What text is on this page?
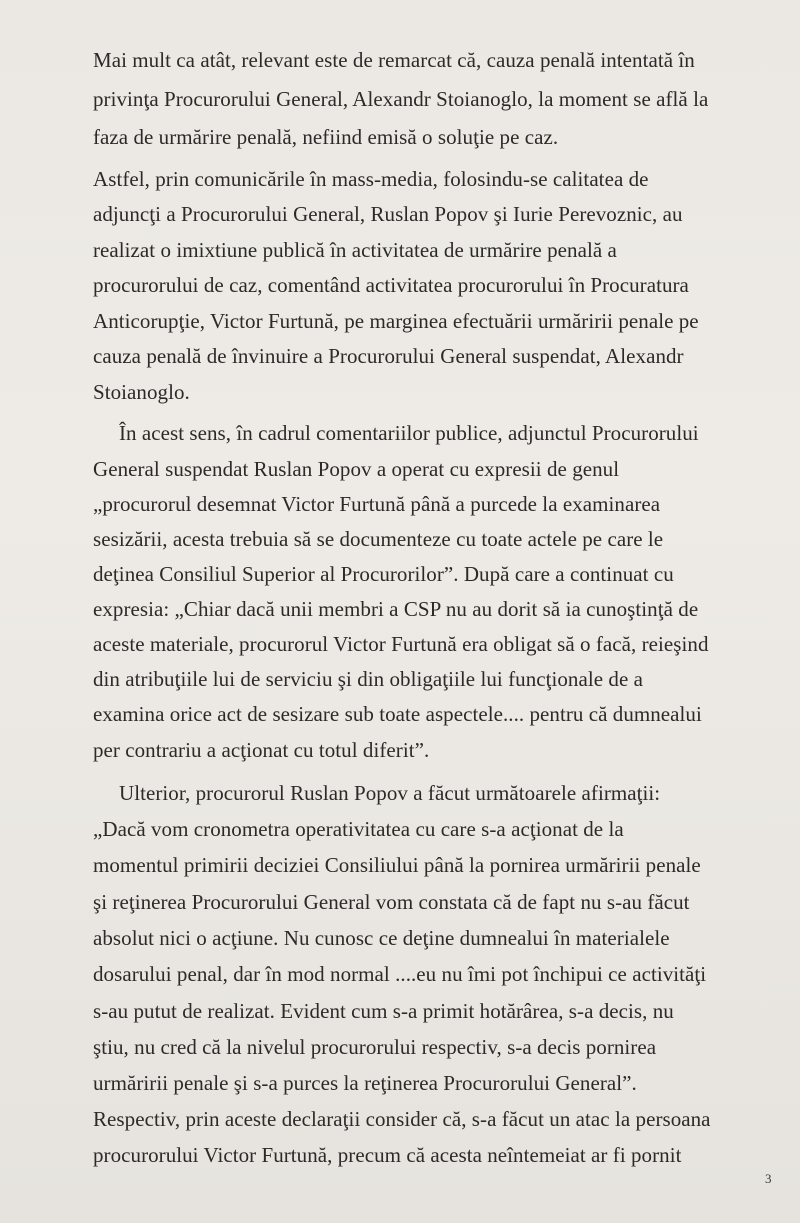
Mai mult ca atât, relevant este de remarcat că, cauza penală intentată în
privinţa Procurorului General, Alexandr Stoianoglo, la moment se află la
faza de urmărire penală, nefiind emisă o soluţie pe caz.
Astfel, prin comunicările în mass-media, folosindu-se calitatea de
adjuncţi a Procurorului General, Ruslan Popov şi Iurie Perevoznic, au
realizat o imixtiune publică în activitatea de urmărire penală a
procurorului de caz, comentând activitatea procurorului în Procuratura
Anticorupţie, Victor Furtună, pe marginea efectuării urmăririi penale pe
cauza penală de învinuire a Procurorului General suspendat, Alexandr
Stoianoglo.
În acest sens, în cadrul comentariilor publice, adjunctul Procurorului
General suspendat Ruslan Popov a operat cu expresii de genul
„procurorul desemnat Victor Furtună până a purcede la examinarea
sesizării, acesta trebuia să se documenteze cu toate actele pe care le
deţinea Consiliul Superior al Procurorilor”. După care a continuat cu
expresia: „Chiar dacă unii membri a CSP nu au dorit să ia cunoştinţă de
aceste materiale, procurorul Victor Furtună era obligat să o facă, reieşind
din atribuţiile lui de serviciu şi din obligaţiile lui funcţionale de a
examina orice act de sesizare sub toate aspectele.... pentru că dumnealui
per contrariu a acţionat cu totul diferit”.
Ulterior, procurorul Ruslan Popov a făcut următoarele afirmaţii:
„Dacă vom cronometra operativitatea cu care s-a acţionat de la
momentul primirii deciziei Consiliului până la pornirea urmăririi penale
şi reţinerea Procurorului General vom constata că de fapt nu s-au făcut
absolut nici o acţiune. Nu cunosc ce deţine dumnealui în materialele
dosarului penal, dar în mod normal ....eu nu îmi pot închipui ce activităţi
s-au putut de realizat. Evident cum s-a primit hotărârea, s-a decis, nu
ştiu, nu cred că la nivelul procurorului respectiv, s-a decis pornirea
urmăririi penale şi s-a purces la reţinerea Procurorului General”.
Respectiv, prin aceste declaraţii consider că, s-a făcut un atac la persoana
procurorului Victor Furtună, precum că acesta neîntemeiat ar fi pornit
3
